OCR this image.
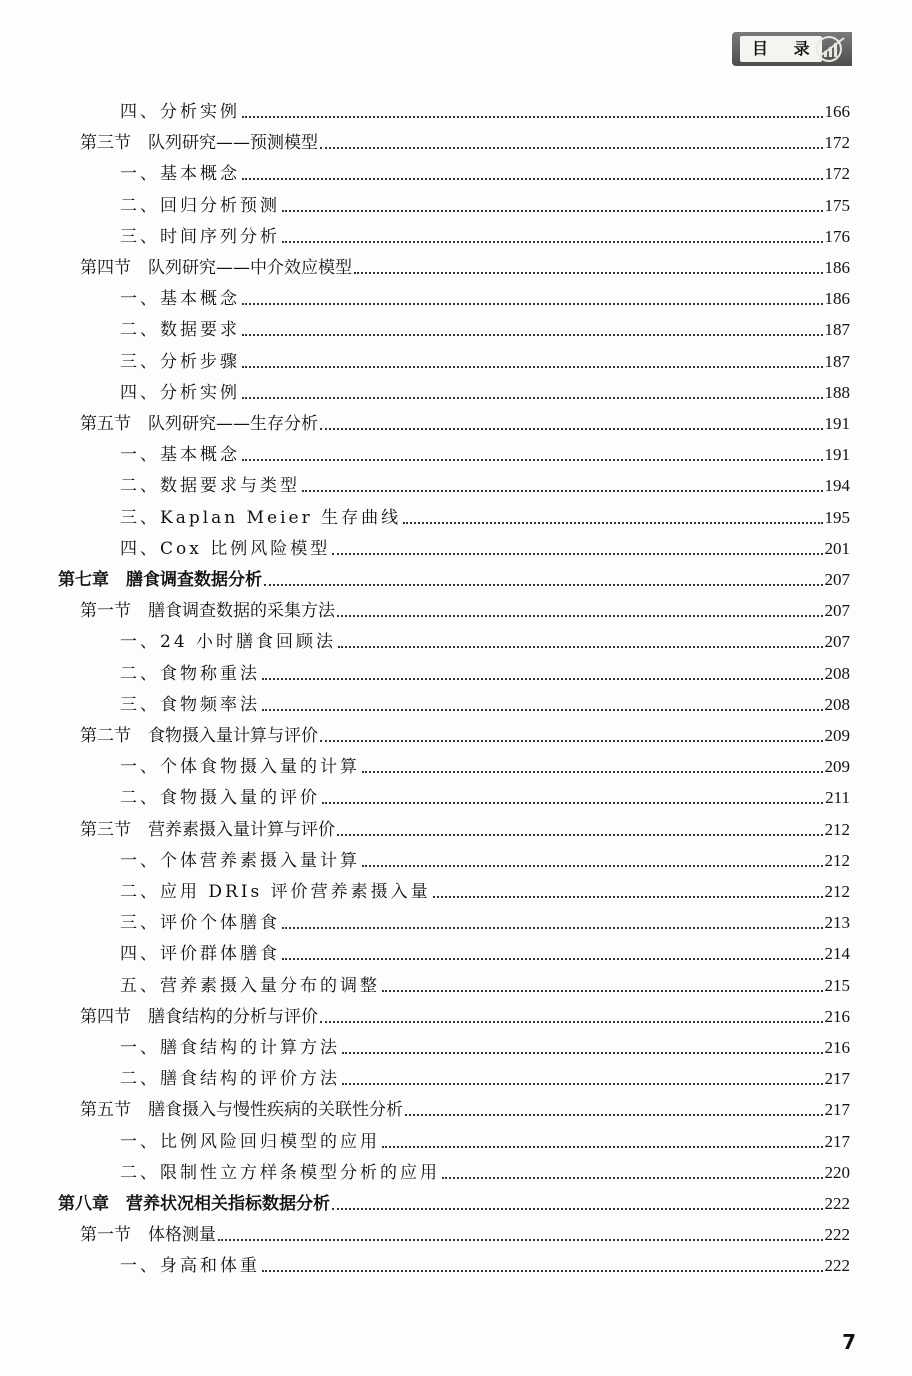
目 录
四、分析实例	166
第三节　队列研究——预测模型	172
一、基本概念	172
二、回归分析预测	175
三、时间序列分析	176
第四节　队列研究——中介效应模型	186
一、基本概念	186
二、数据要求	187
三、分析步骤	187
四、分析实例	188
第五节　队列研究——生存分析	191
一、基本概念	191
二、数据要求与类型	194
三、Kaplan Meier 生存曲线	195
四、Cox 比例风险模型	201
第七章　膳食调查数据分析	207
第一节　膳食调查数据的采集方法	207
一、24 小时膳食回顾法	207
二、食物称重法	208
三、食物频率法	208
第二节　食物摄入量计算与评价	209
一、个体食物摄入量的计算	209
二、食物摄入量的评价	211
第三节　营养素摄入量计算与评价	212
一、个体营养素摄入量计算	212
二、应用 DRIs 评价营养素摄入量	212
三、评价个体膳食	213
四、评价群体膳食	214
五、营养素摄入量分布的调整	215
第四节　膳食结构的分析与评价	216
一、膳食结构的计算方法	216
二、膳食结构的评价方法	217
第五节　膳食摄入与慢性疾病的关联性分析	217
一、比例风险回归模型的应用	217
二、限制性立方样条模型分析的应用	220
第八章　营养状况相关指标数据分析	222
第一节　体格测量	222
一、身高和体重	222
7
